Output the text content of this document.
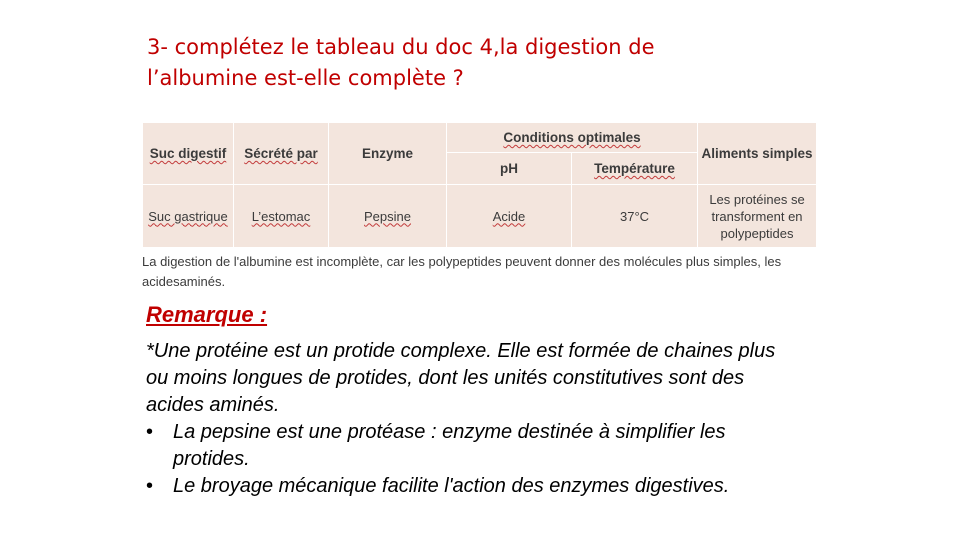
3- complétez le tableau du doc 4,la digestion de
l’albumine est-elle complète ?
Suc digestif	Sécrété par	Enzyme	Conditions optimales		Aliments simples
			pH	Température	
Suc gastrique	L’estomac	Pepsine	Acide	37°C	Les protéines se transforment en polypeptides
La digestion de l'albumine est incomplète, car les polypeptides peuvent donner des molécules plus simples, les acidesaminés.
Remarque :
*Une protéine est un protide complexe. Elle est formée de chaines plus ou moins longues de protides, dont les unités constitutives sont des acides aminés.
• La pepsine est une protéase : enzyme destinée à simplifier les protides.
• Le broyage mécanique facilite l'action des enzymes digestives.
